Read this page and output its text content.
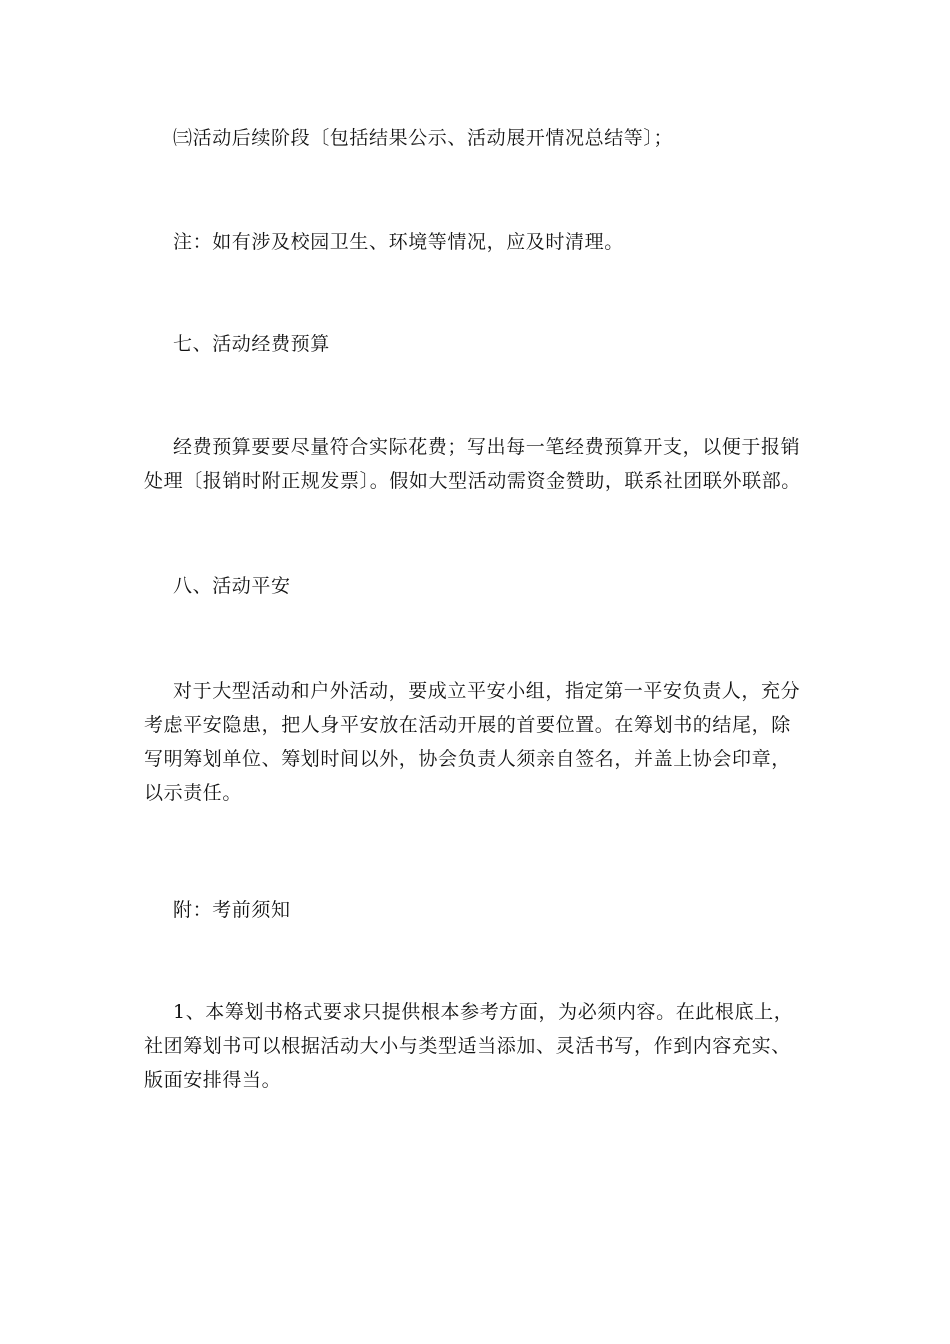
㈢活动后续阶段〔包括结果公示、活动展开情况总结等〕；

注：如有涉及校园卫生、环境等情况，应及时清理。

七、活动经费预算

经费预算要要尽量符合实际花费；写出每一笔经费预算开支，以便于报销处理〔报销时附正规发票〕。假如大型活动需资金赞助，联系社团联外联部。

八、活动平安

对于大型活动和户外活动，要成立平安小组，指定第一平安负责人，充分考虑平安隐患，把人身平安放在活动开展的首要位置。在筹划书的结尾，除写明筹划单位、筹划时间以外，协会负责人须亲自签名，并盖上协会印章，以示责任。

附：考前须知

1、本筹划书格式要求只提供根本参考方面，为必须内容。在此根底上，社团筹划书可以根据活动大小与类型适当添加、灵活书写，作到内容充实、版面安排得当。
